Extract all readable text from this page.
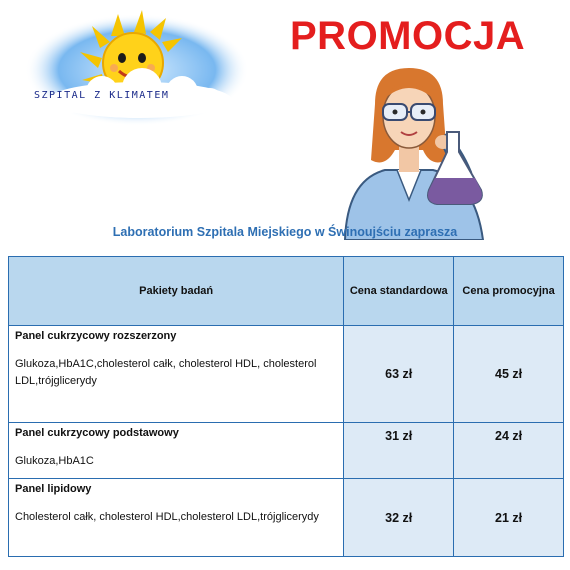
SZPITAL Z KLIMATEM
PROMOCJA
Laboratorium Szpitala Miejskiego w Świnoujściu zaprasza
Pakiety badań	Cena standardowa	Cena promocyjna

Panel cukrzycowy rozszerzony
Glukoza,HbA1C,cholesterol całk, cholesterol HDL, cholesterol LDL,trójglicerydy	63 zł	45 zł

Panel cukrzycowy podstawowy
Glukoza,HbA1C	31 zł	24 zł

Panel lipidowy
Cholesterol całk, cholesterol HDL,cholesterol LDL,trójglicerydy	32 zł	21 zł
